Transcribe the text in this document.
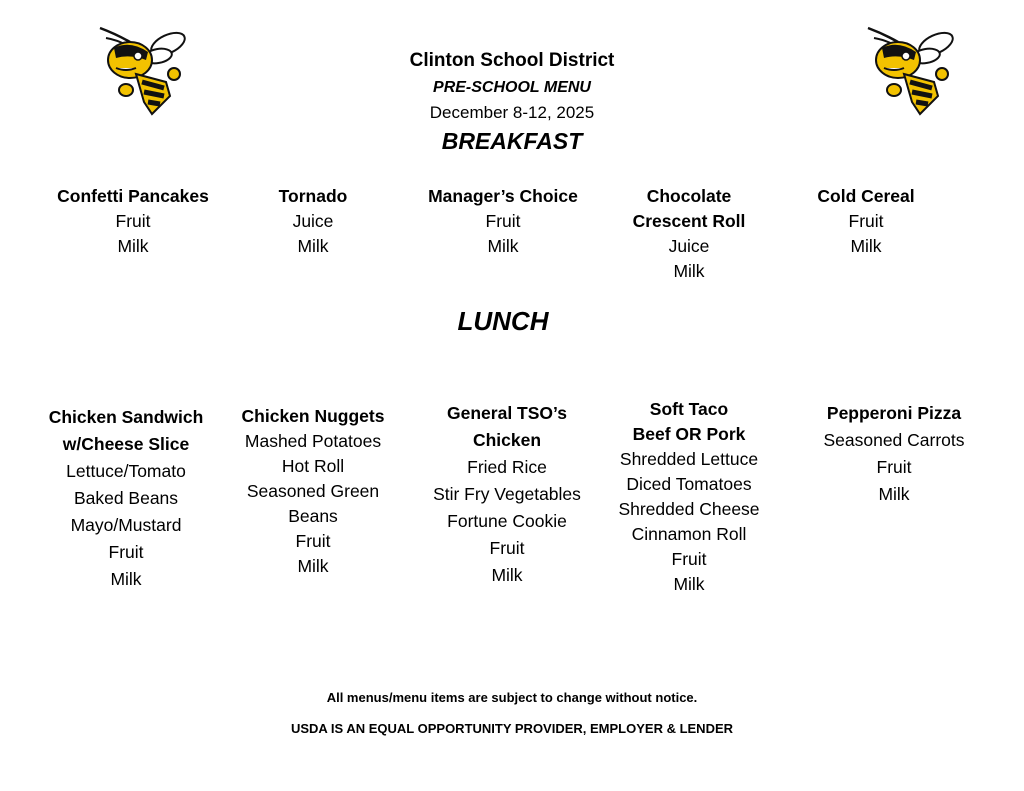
Clinton School District
PRE-SCHOOL MENU
December 8-12, 2025
BREAKFAST
Confetti Pancakes
Fruit
Milk
Tornado
Juice
Milk
Manager’s Choice
Fruit
Milk
Chocolate
Crescent Roll
Juice
Milk
Cold Cereal
Fruit
Milk
LUNCH
Chicken Sandwich
w/Cheese Slice
Lettuce/Tomato
Baked Beans
Mayo/Mustard
Fruit
Milk
Chicken Nuggets
Mashed Potatoes
Hot Roll
Seasoned Green
Beans
Fruit
Milk
General TSO’s
Chicken
Fried Rice
Stir Fry Vegetables
Fortune Cookie
Fruit
Milk
Soft Taco
Beef OR Pork
Shredded Lettuce
Diced Tomatoes
Shredded Cheese
Cinnamon Roll
Fruit
Milk
Pepperoni Pizza
Seasoned Carrots
Fruit
Milk
All menus/menu items are subject to change without notice.
USDA IS AN EQUAL OPPORTUNITY PROVIDER, EMPLOYER & LENDER
